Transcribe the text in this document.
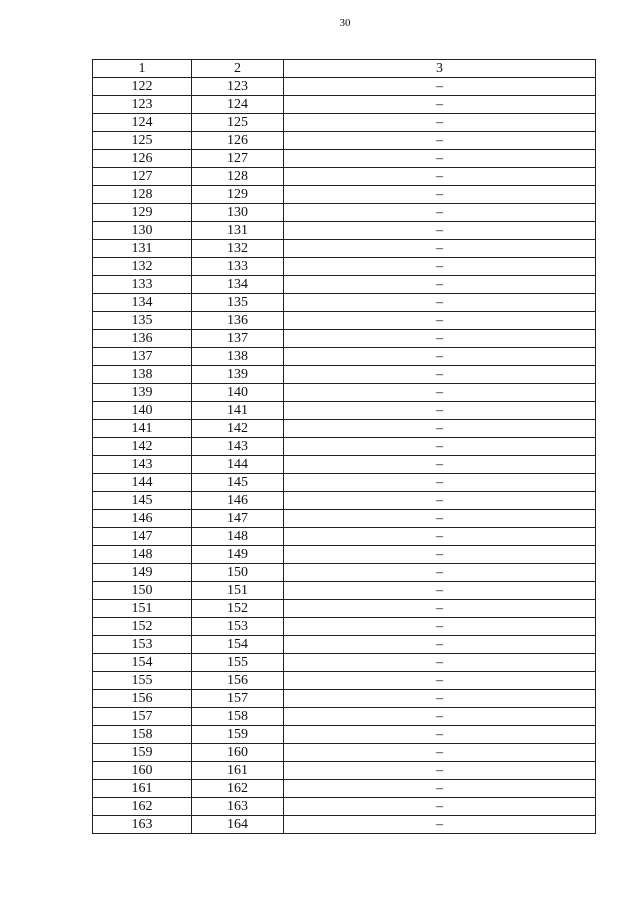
30
1	2	3
122	123	–
123	124	–
124	125	–
125	126	–
126	127	–
127	128	–
128	129	–
129	130	–
130	131	–
131	132	–
132	133	–
133	134	–
134	135	–
135	136	–
136	137	–
137	138	–
138	139	–
139	140	–
140	141	–
141	142	–
142	143	–
143	144	–
144	145	–
145	146	–
146	147	–
147	148	–
148	149	–
149	150	–
150	151	–
151	152	–
152	153	–
153	154	–
154	155	–
155	156	–
156	157	–
157	158	–
158	159	–
159	160	–
160	161	–
161	162	–
162	163	–
163	164	–
